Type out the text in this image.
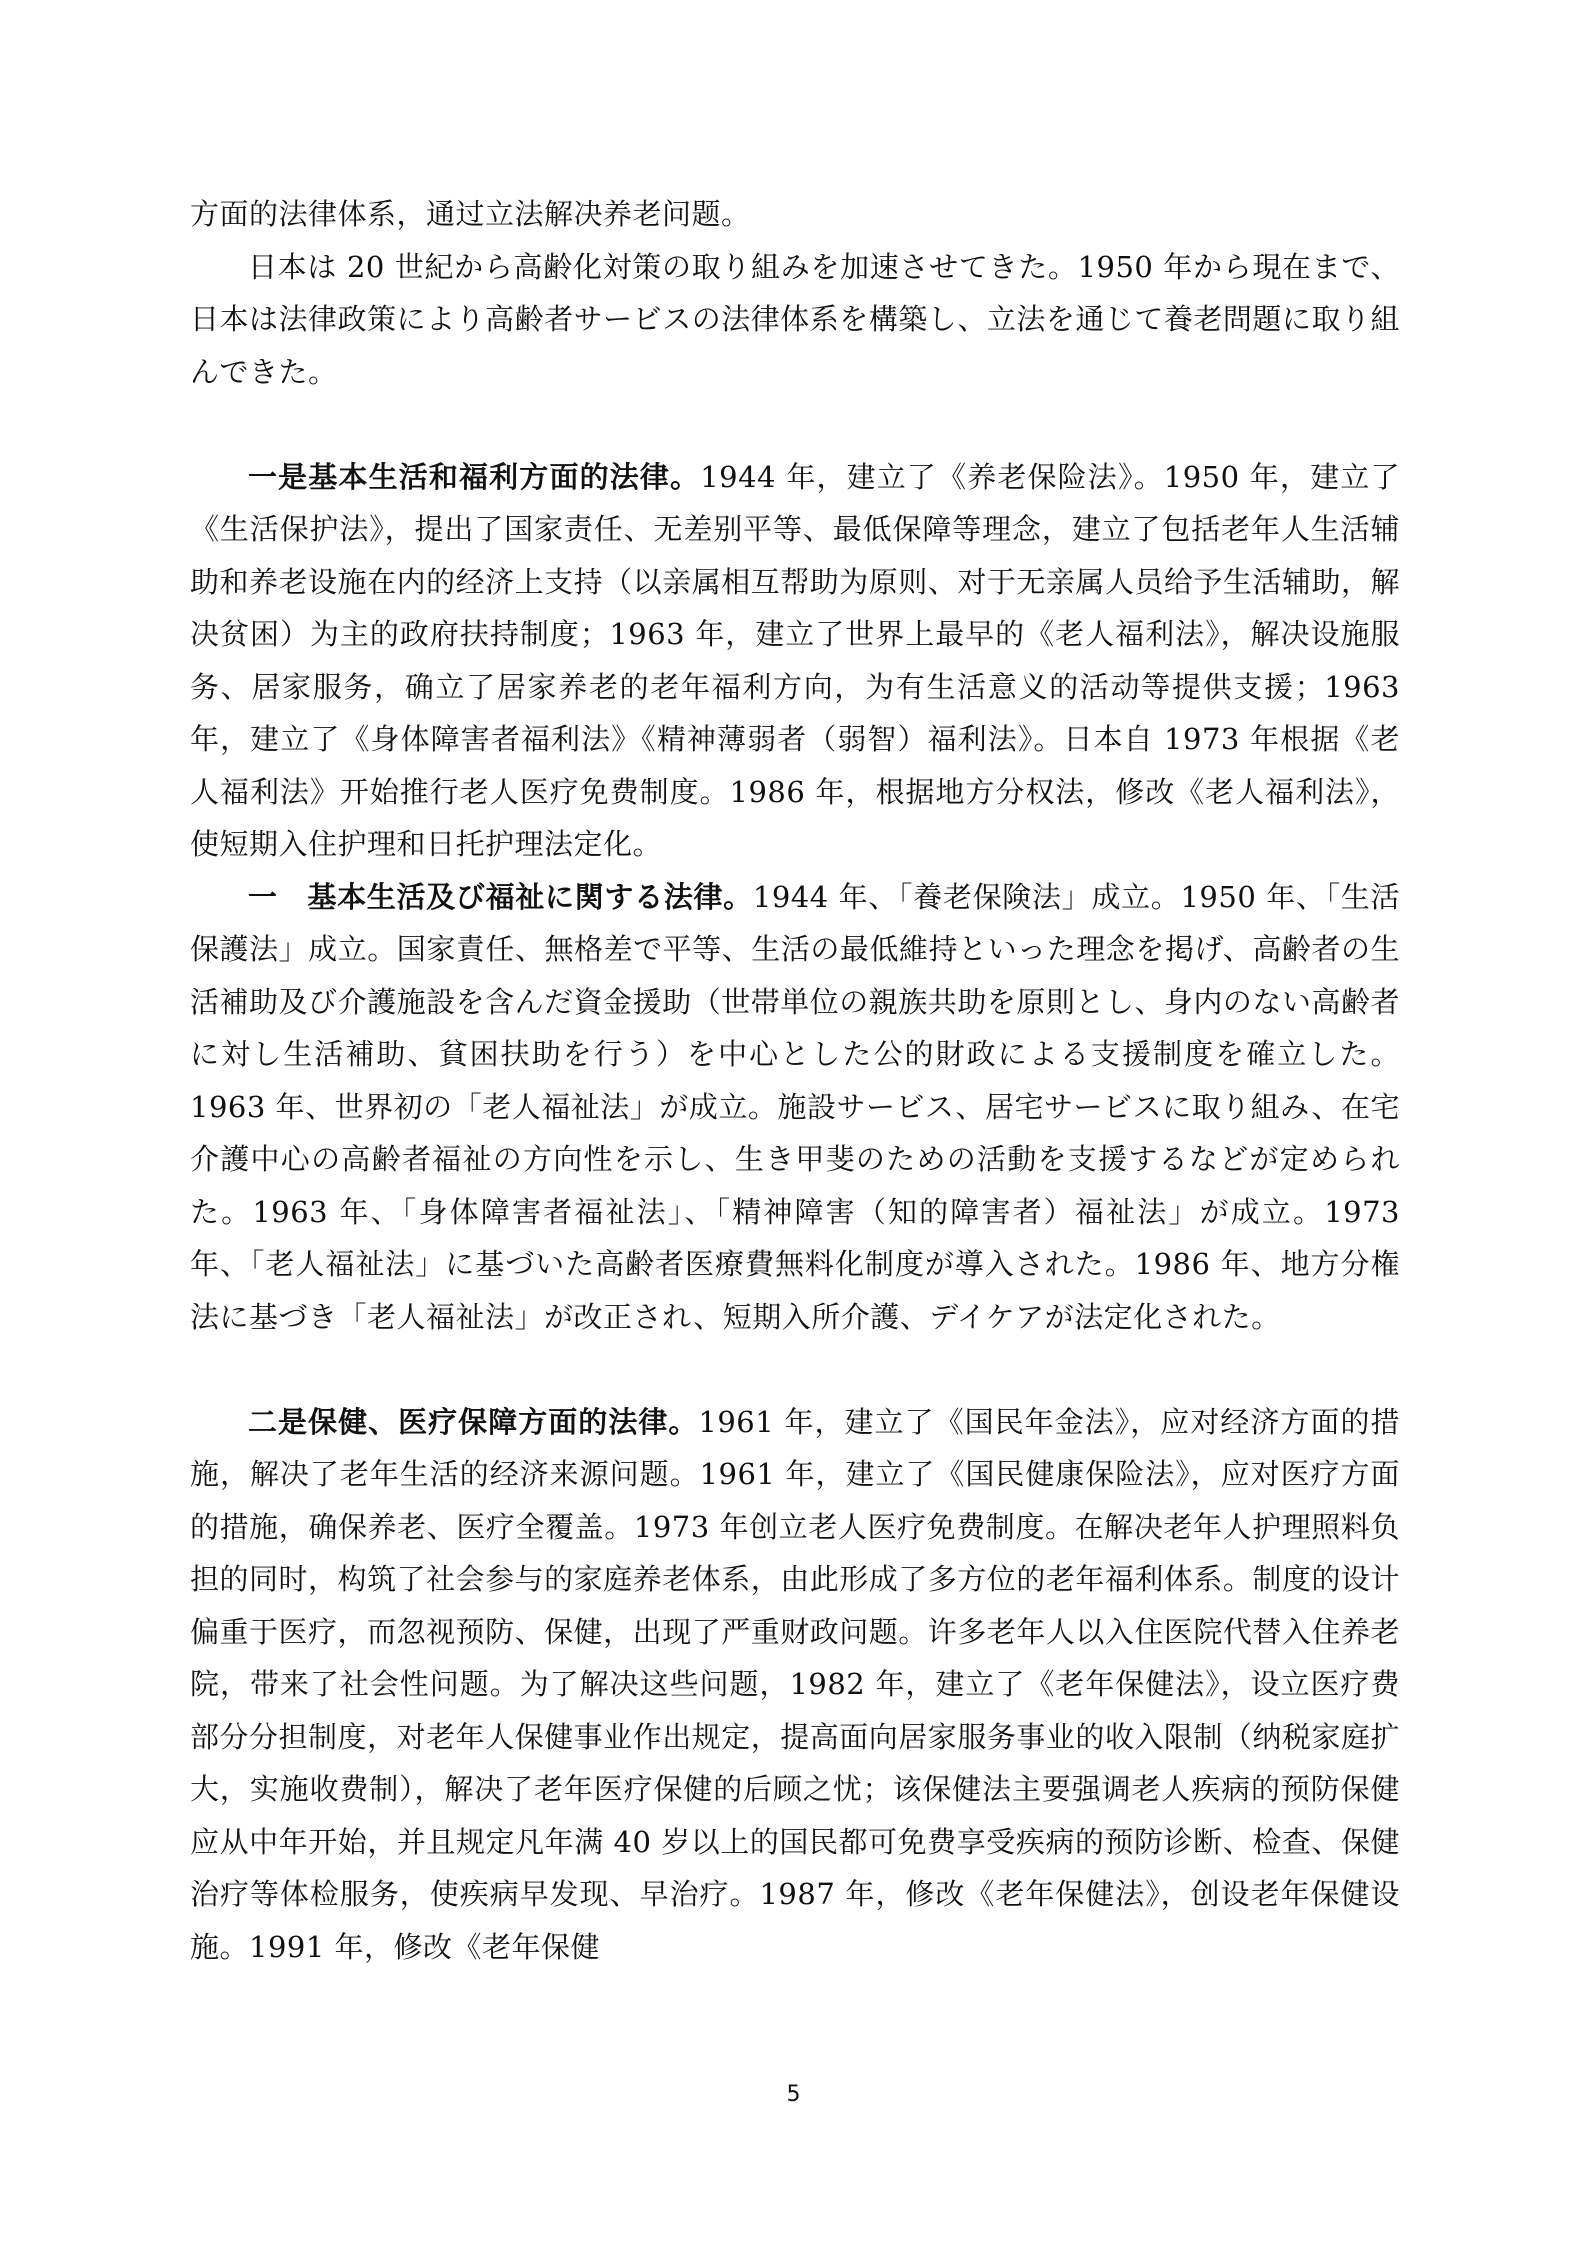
方面的法律体系，通过立法解决养老问题。

日本は 20 世紀から高齢化対策の取り組みを加速させてきた。1950 年から現在まで、日本は法律政策により高齢者サービスの法律体系を構築し、立法を通じて養老問題に取り組んできた。

一是基本生活和福利方面的法律。1944 年，建立了《养老保险法》。1950 年，建立了《生活保护法》，提出了国家责任、无差别平等、最低保障等理念，建立了包括老年人生活辅助和养老设施在内的经济上支持（以亲属相互帮助为原则、对于无亲属人员给予生活辅助，解决贫困）为主的政府扶持制度；1963 年，建立了世界上最早的《老人福利法》，解决设施服务、居家服务，确立了居家养老的老年福利方向，为有生活意义的活动等提供支援；1963 年，建立了《身体障害者福利法》《精神薄弱者（弱智）福利法》。日本自 1973 年根据《老人福利法》开始推行老人医疗免费制度。1986 年，根据地方分权法，修改《老人福利法》，使短期入住护理和日托护理法定化。

一　基本生活及び福祉に関する法律。1944 年、「養老保険法」成立。1950 年、「生活保護法」成立。国家責任、無格差で平等、生活の最低維持といった理念を掲げ、高齢者の生活補助及び介護施設を含んだ資金援助（世帯単位の親族共助を原則とし、身内のない高齢者に対し生活補助、貧困扶助を行う）を中心とした公的財政による支援制度を確立した。1963 年、世界初の「老人福祉法」が成立。施設サービス、居宅サービスに取り組み、在宅介護中心の高齢者福祉の方向性を示し、生き甲斐のための活動を支援するなどが定められた。1963 年、「身体障害者福祉法」、「精神障害（知的障害者）福祉法」が成立。1973 年、「老人福祉法」に基づいた高齢者医療費無料化制度が導入された。1986 年、地方分権法に基づき「老人福祉法」が改正され、短期入所介護、デイケアが法定化された。

二是保健、医疗保障方面的法律。1961 年，建立了《国民年金法》，应对经济方面的措施，解决了老年生活的经济来源问题。1961 年，建立了《国民健康保险法》，应对医疗方面的措施，确保养老、医疗全覆盖。1973 年创立老人医疗免费制度。在解决老年人护理照料负担的同时，构筑了社会参与的家庭养老体系，由此形成了多方位的老年福利体系。制度的设计偏重于医疗，而忽视预防、保健，出现了严重财政问题。许多老年人以入住医院代替入住养老院，带来了社会性问题。为了解决这些问题，1982 年，建立了《老年保健法》，设立医疗费部分分担制度，对老年人保健事业作出规定，提高面向居家服务事业的收入限制（纳税家庭扩大，实施收费制），解决了老年医疗保健的后顾之忧；该保健法主要强调老人疾病的预防保健应从中年开始，并且规定凡年满 40 岁以上的国民都可免费享受疾病的预防诊断、检查、保健治疗等体检服务，使疾病早发现、早治疗。1987 年，修改《老年保健法》，创设老年保健设施。1991 年，修改《老年保健

5
